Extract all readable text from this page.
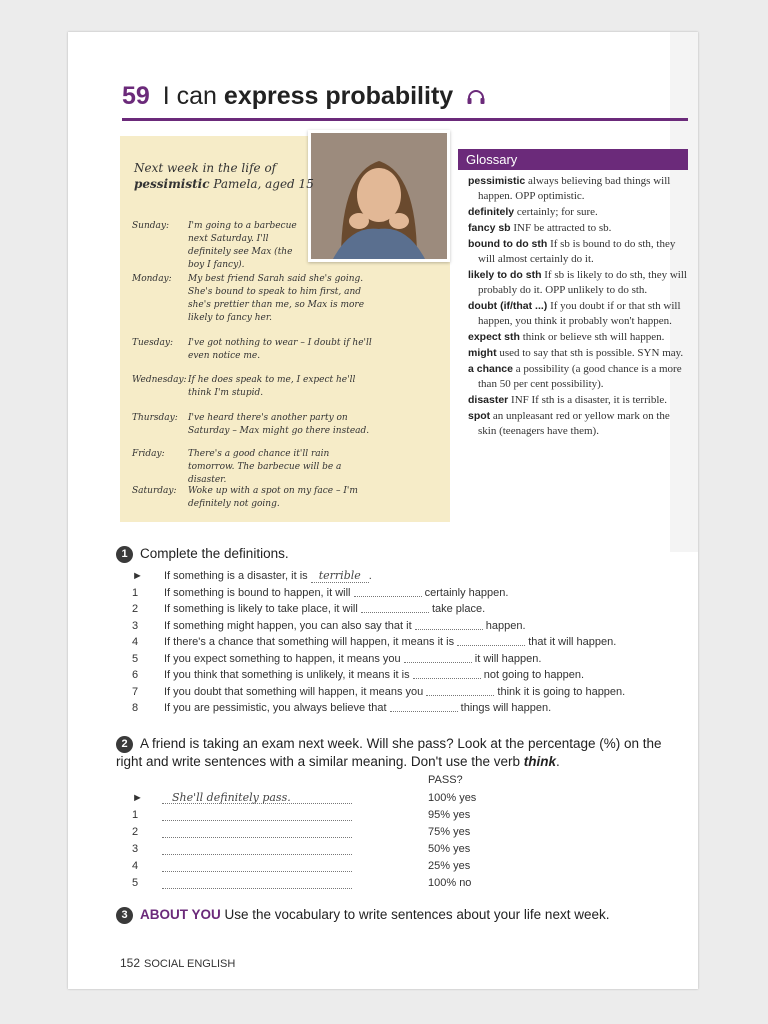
59 I can express probability
Next week in the life of
pessimistic Pamela, aged 15
Sunday:	I'm going to a barbecue next Saturday. I'll definitely see Max (the boy I fancy).
Monday:	My best friend Sarah said she's going. She's bound to speak to him first, and she's prettier than me, so Max is more likely to fancy her.
Tuesday:	I've got nothing to wear – I doubt if he'll even notice me.
Wednesday: If he does speak to me, I expect he'll think I'm stupid.
Thursday:	I've heard there's another party on Saturday – Max might go there instead.
Friday:	There's a good chance it'll rain tomorrow. The barbecue will be a disaster.
Saturday:	Woke up with a spot on my face – I'm definitely not going.
Glossary
pessimistic always believing bad things will happen. OPP optimistic.
definitely certainly; for sure.
fancy sb INF be attracted to sb.
bound to do sth If sb is bound to do sth, they will almost certainly do it.
likely to do sth If sb is likely to do sth, they will probably do it. OPP unlikely to do sth.
doubt (if/that ...) If you doubt if or that sth will happen, you think it probably won't happen.
expect sth think or believe sth will happen.
might used to say that sth is possible. SYN may.
a chance a possibility (a good chance is a more than 50 per cent possibility).
disaster INF If sth is a disaster, it is terrible.
spot an unpleasant red or yellow mark on the skin (teenagers have them).
1 Complete the definitions.
► If something is a disaster, it is terrible .
1	If something is bound to happen, it will	certainly happen.
2	If something is likely to take place, it will	take place.
3	If something might happen, you can also say that it	happen.
4	If there's a chance that something will happen, it means it is	that it will happen.
5	If you expect something to happen, it means you	it will happen.
6	If you think that something is unlikely, it means it is	not going to happen.
7	If you doubt that something will happen, it means you	think it is going to happen.
8	If you are pessimistic, you always believe that	things will happen.
2 A friend is taking an exam next week. Will she pass? Look at the percentage (%) on the right and write sentences with a similar meaning. Don't use the verb think.
PASS?
►	She'll definitely pass.	100% yes
1	95% yes
2	75% yes
3	50% yes
4	25% yes
5	100% no
3 ABOUT YOU Use the vocabulary to write sentences about your life next week.
152 SOCIAL ENGLISH
